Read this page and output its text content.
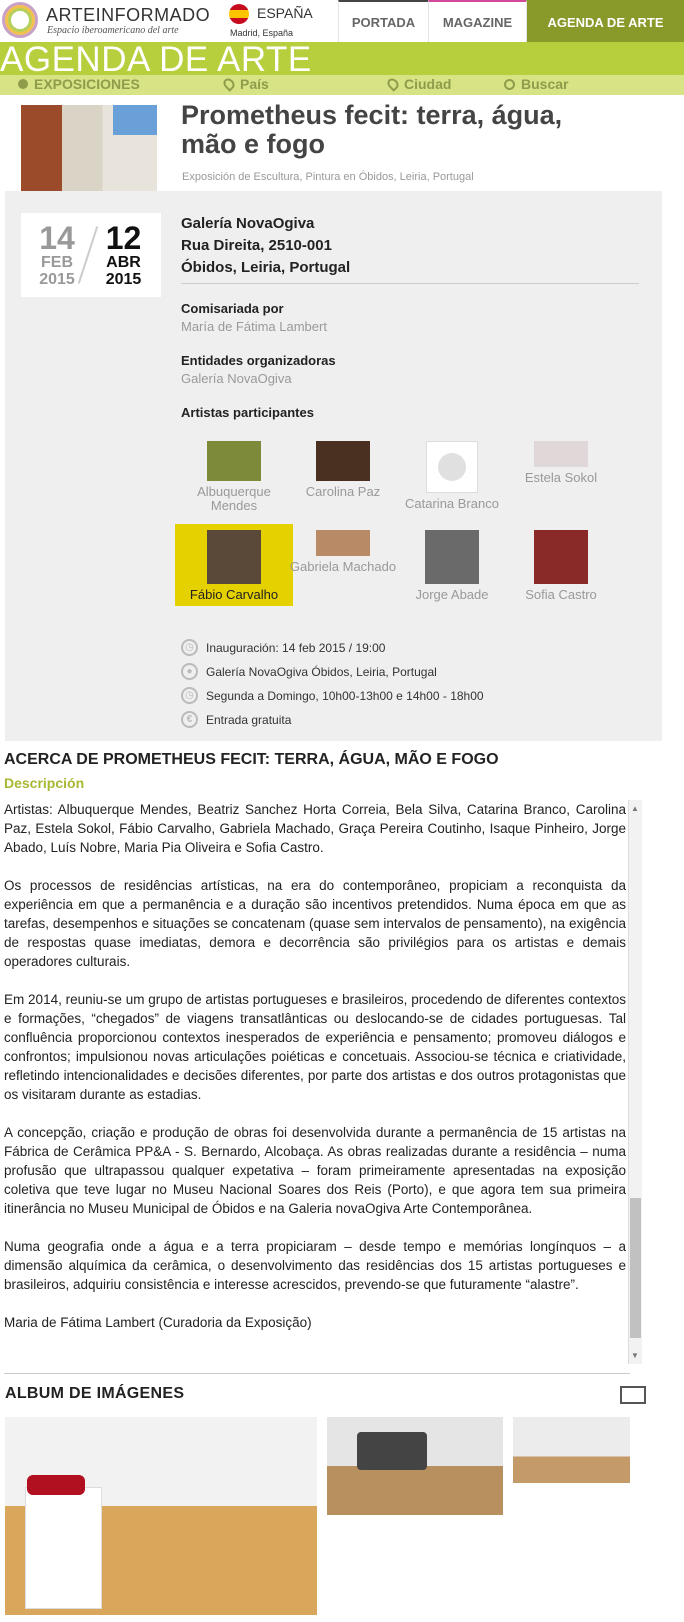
ARTEINFORMADO
Espacio iberoamericano del arte
ESPAÑA
Madrid, España
PORTADA	MAGAZINE	AGENDA DE ARTE
AGENDA DE ARTE
EXPOSICIONES	País	Ciudad	Buscar
Prometheus fecit: terra, água, mão e fogo
Exposición de Escultura, Pintura en Óbidos, Leiria, Portugal
14
FEB
2015
12
ABR
2015
Galería NovaOgiva
Rua Direita, 2510-001
Óbidos, Leiria, Portugal
Comisariada por
María de Fátima Lambert
Entidades organizadoras
Galería NovaOgiva
Artistas participantes
Albuquerque Mendes
Carolina Paz
Catarina Branco
Estela Sokol
Fábio Carvalho
Gabriela Machado
Jorge Abade	Sofia Castro
◷	Inauguración: 14 feb 2015 / 19:00
●	Galería NovaOgiva Óbidos, Leiria, Portugal
◷	Segunda a Domingo, 10h00-13h00 e 14h00 - 18h00
€	Entrada gratuita
ACERCA DE PROMETHEUS FECIT: TERRA, ÁGUA, MÃO E FOGO
Descripción

Artistas: Albuquerque Mendes, Beatriz Sanchez Horta Correia, Bela Silva, Catarina Branco, Carolina Paz, Estela Sokol, Fábio Carvalho, Gabriela Machado, Graça Pereira Coutinho, Isaque Pinheiro, Jorge Abado, Luís Nobre, Maria Pia Oliveira e Sofia Castro.

Os processos de residências artísticas, na era do contemporâneo, propiciam a reconquista da experiência em que a permanência e a duração são incentivos pretendidos. Numa época em que as tarefas, desempenhos e situações se concatenam (quase sem intervalos de pensamento), na exigência de respostas quase imediatas, demora e decorrência são privilégios para os artistas e demais operadores culturais.

Em 2014, reuniu-se um grupo de artistas portugueses e brasileiros, procedendo de diferentes contextos e formações, “chegados” de viagens transatlânticas ou deslocando-se de cidades portuguesas. Tal confluência proporcionou contextos inesperados de experiência e pensamento; promoveu diálogos e confrontos; impulsionou novas articulações poiéticas e concetuais. Associou-se técnica e criatividade, refletindo intencionalidades e decisões diferentes, por parte dos artistas e dos outros protagonistas que os visitaram durante as estadias.

A concepção, criação e produção de obras foi desenvolvida durante a permanência de 15 artistas na Fábrica de Cerâmica PP&A - S. Bernardo, Alcobaça. As obras realizadas durante a residência – numa profusão que ultrapassou qualquer expetativa – foram primeiramente apresentadas na exposição coletiva que teve lugar no Museu Nacional Soares dos Reis (Porto), e que agora tem sua primeira itinerância no Museu Municipal de Óbidos e na Galeria novaOgiva Arte Contemporânea.

Numa geografia onde a água e a terra propiciaram – desde tempo e memórias longínquos – a dimensão alquímica da cerâmica, o desenvolvimento das residências dos 15 artistas portugueses e brasileiros, adquiriu consistência e interesse acrescidos, prevendo-se que futuramente “alastre”.

Maria de Fátima Lambert (Curadoria da Exposição)

▲
▼
ALBUM DE IMÁGENES
